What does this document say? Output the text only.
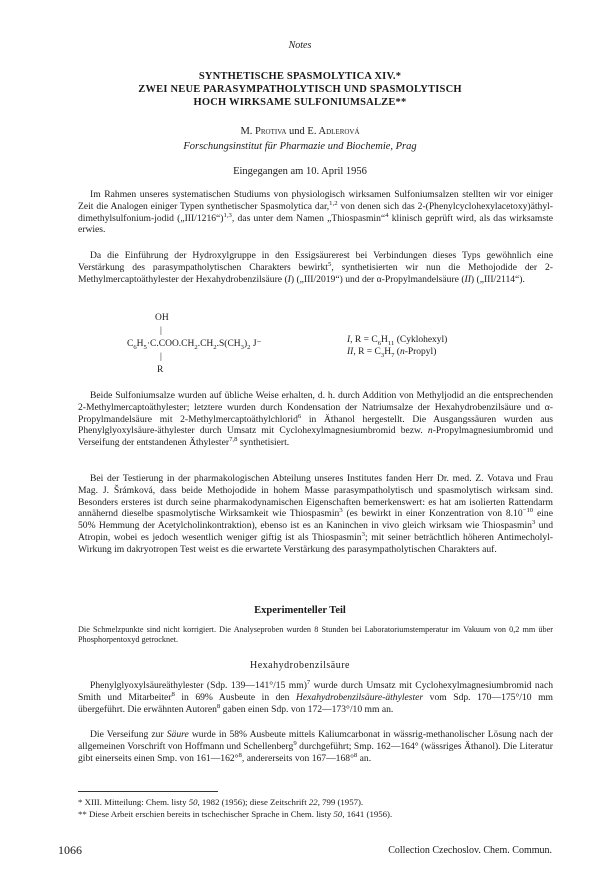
Notes
SYNTHETISCHE SPASMOLYTICA XIV.*
ZWEI NEUE PARASYMPATHOLYTISCH UND SPASMOLYTISCH
HOCH WIRKSAME SULFONIUMSALZE**
M. Protiva und E. Adlerová
Forschungsinstitut für Pharmazie und Biochemie, Prag
Eingegangen am 10. April 1956

Im Rahmen unseres systematischen Studiums von physiologisch wirksamen Sulfoniumsalzen stellten wir vor einiger Zeit die Analogen einiger Typen synthetischer Spasmolytica dar,$^{1,2}$ von denen sich das 2-(Phenylcyclohexylacetoxy)äthyl-dimethylsulfonium-jodid („III/1216“)$^{1,3}$, das unter dem Namen „Thiospasmin“$^4$ klinisch geprüft wird, als das wirksamste erwies.

Da die Einführung der Hydroxylgruppe in den Essigsäurerest bei Verbindungen dieses Typs gewöhnlich eine Verstärkung des parasympatholytischen Charakters bewirkt$^5$, synthetisierten wir nun die Methojodide der 2-Methylmercaptoäthylester der Hexahydrobenzilsäure (I) („III/2019“) und der α-Propylmandelsäure (II) („III/2114“).

OH
|
$C_6H_5\cdot C.COO.CH_2.CH_2.S(CH_3)_2$ J⁻
|
R
I, $R = C_6H_{11}$ (Cyklohexyl)
II, $R = C_3H_7$ (n-Propyl)

Beide Sulfoniumsalze wurden auf übliche Weise erhalten, d. h. durch Addition von Methyljodid an die entsprechenden 2-Methylmercaptoäthylester; letztere wurden durch Kondensation der Natriumsalze der Hexahydrobenzilsäure und α-Propylmandelsäure mit 2-Methylmercaptoäthylchlorid$^6$ in Äthanol hergestellt. Die Ausgangssäuren wurden aus Phenylglyoxylsäure-äthylester durch Umsatz mit Cyclohexylmagnesiumbromid bezw. n-Propylmagnesiumbromid und Verseifung der entstandenen Äthylester$^{7,8}$ synthetisiert.

Bei der Testierung in der pharmakologischen Abteilung unseres Institutes fanden Herr Dr. med. Z. Votava und Frau Mag. J. Šrámková, dass beide Methojodide in hohem Masse parasympatholytisch und spasmolytisch wirksam sind. Besonders ersteres ist durch seine pharmakodynamischen Eigenschaften bemerkenswert: es hat am isolierten Rattendarm annähernd dieselbe spasmolytische Wirksamkeit wie Thiospasmin$^3$ (es bewirkt in einer Konzentration von $8.10^{-10}$ eine 50% Hemmung der Acetylcholinkontraktion), ebenso ist es an Kaninchen in vivo gleich wirksam wie Thiospasmin$^3$ und Atropin, wobei es jedoch wesentlich weniger giftig ist als Thiospasmin$^3$; mit seiner beträchtlich höheren Antimecholyl-Wirkung im dakryotropen Test weist es die erwartete Verstärkung des parasympatholytischen Charakters auf.

Experimenteller Teil

Die Schmelzpunkte sind nicht korrigiert. Die Analyseproben wurden 8 Stunden bei Laboratoriumstemperatur im Vakuum von 0,2 mm über Phosphorpentoxyd getrocknet.

Hexahydrobenzilsäure

Phenylglyoxylsäureäthylester (Sdp. 139—141°/15 mm)$^7$ wurde durch Umsatz mit Cyclohexylmagnesiumbromid nach Smith und Mitarbeiter$^8$ in 69% Ausbeute in den Hexahydrobenzilsäure-äthylester vom Sdp. 170—175°/10 mm übergeführt. Die erwähnten Autoren$^8$ gaben einen Sdp. von 172—173°/10 mm an.

Die Verseifung zur Säure wurde in 58% Ausbeute mittels Kaliumcarbonat in wässrig-methanolischer Lösung nach der allgemeinen Vorschrift von Hoffmann und Schellenberg$^9$ durchgeführt; Smp. 162—164° (wässriges Äthanol). Die Literatur gibt einerseits einen Smp. von 161—162°$^8$, andererseits von 167—168°$^8$ an.

* XIII. Mitteilung: Chem. listy 50, 1982 (1956); diese Zeitschrift 22, 799 (1957).
** Diese Arbeit erschien bereits in tschechischer Sprache in Chem. listy 50, 1641 (1956).
1066	Collection Czechoslov. Chem. Commun.
